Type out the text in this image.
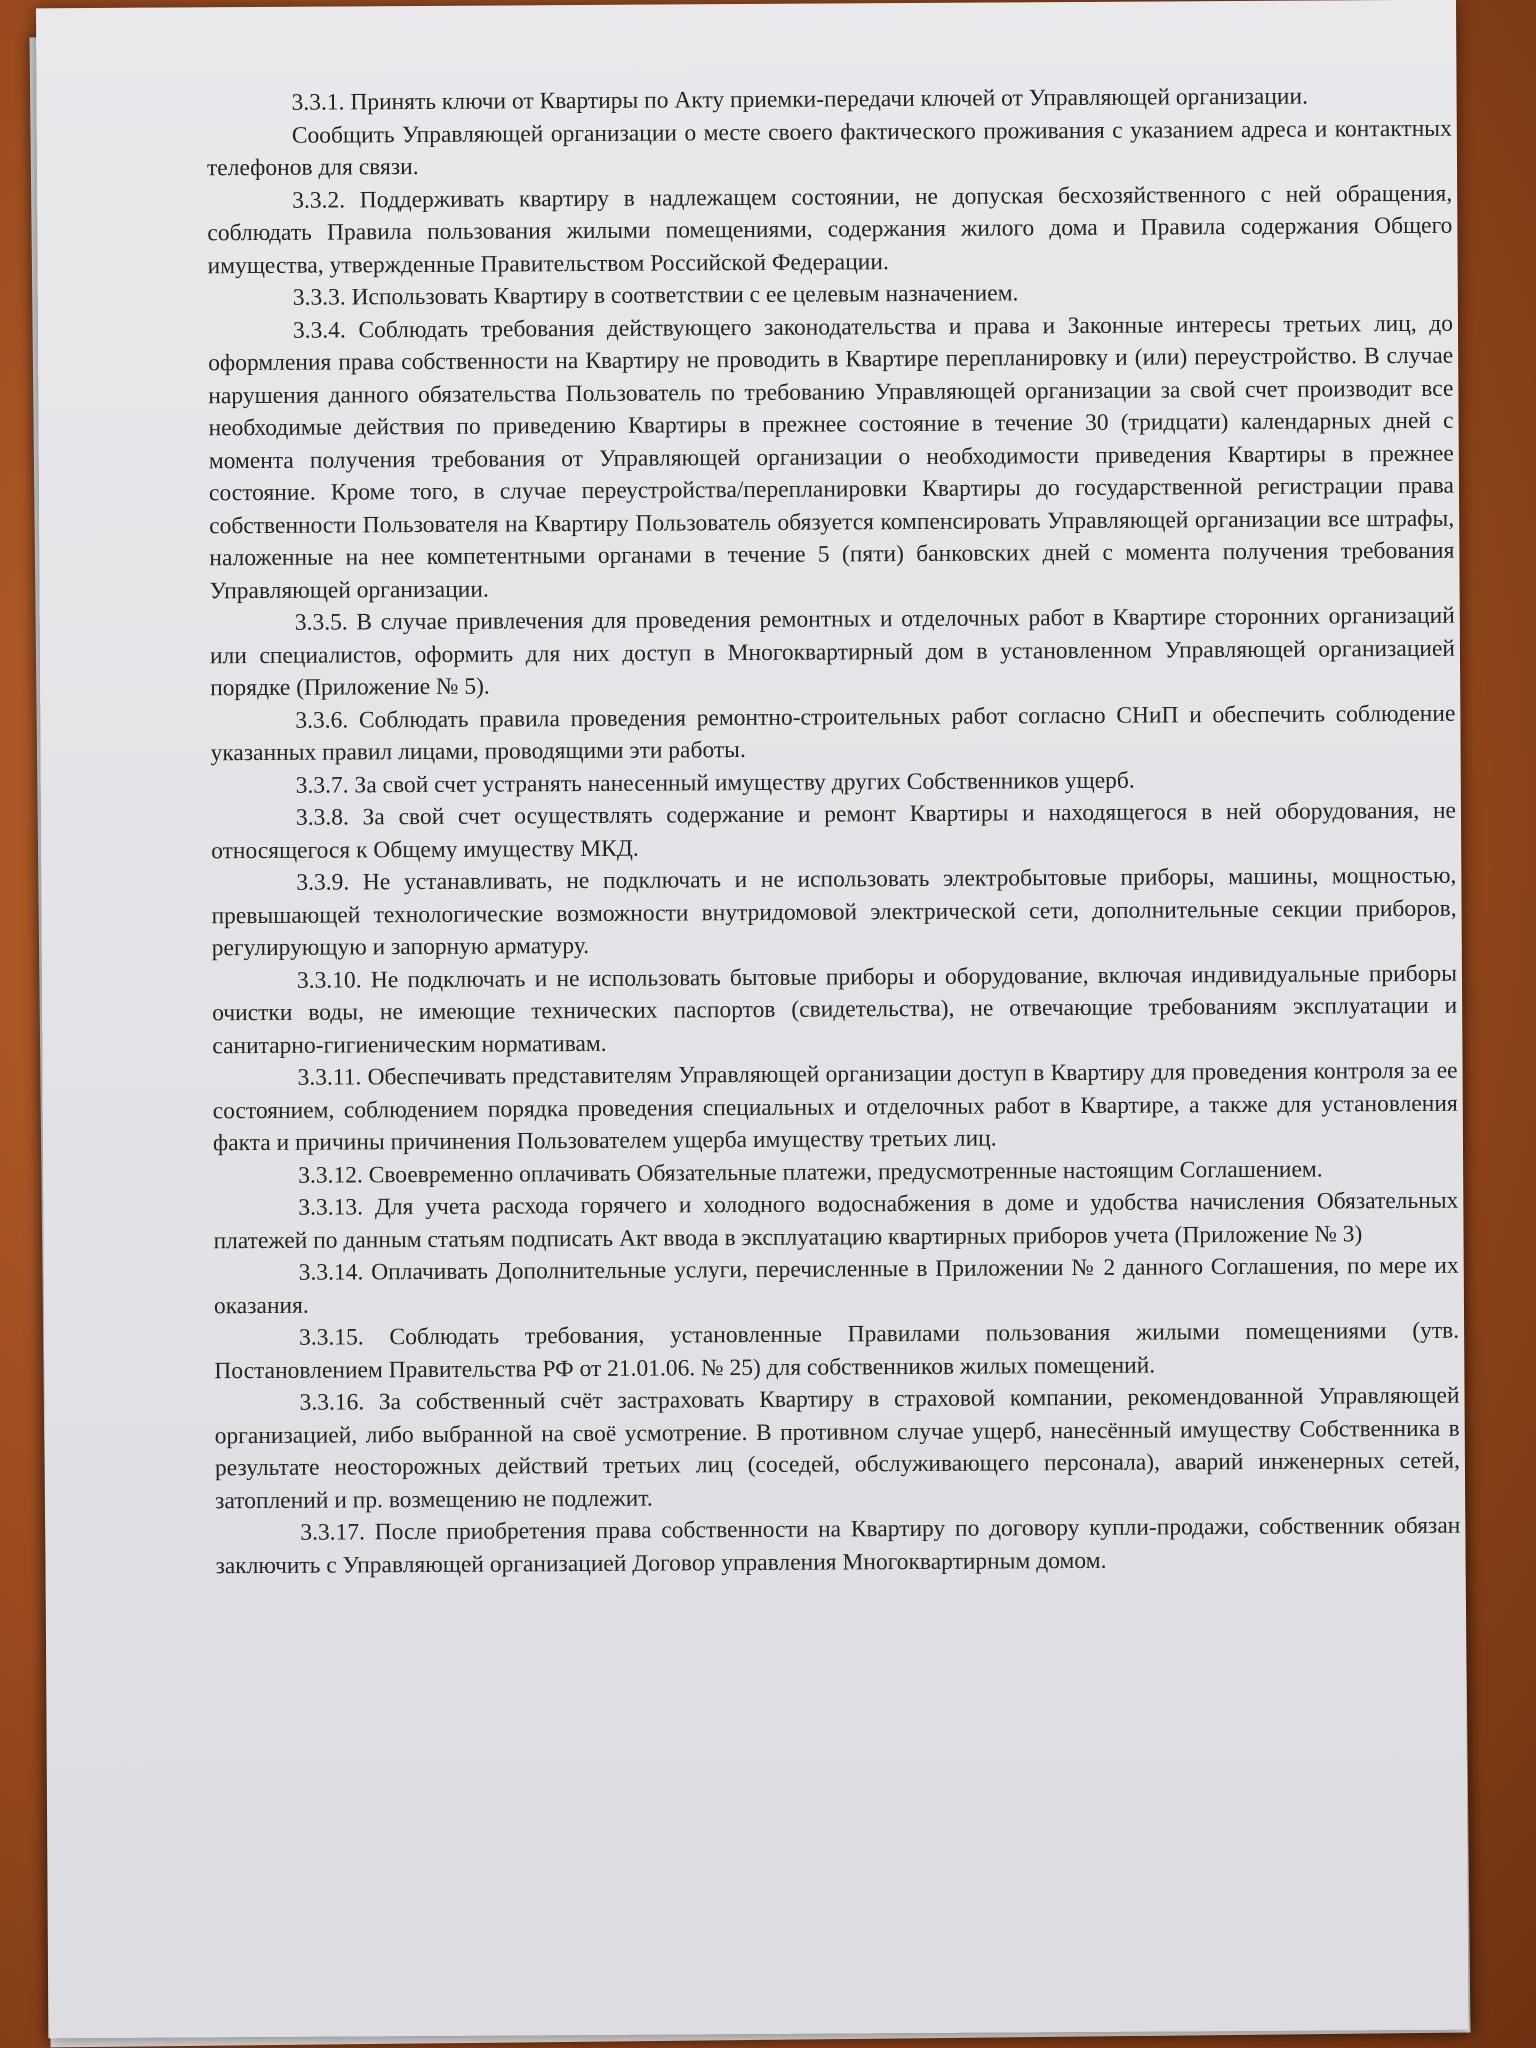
3.3.1. Принять ключи от Квартиры по Акту приемки-передачи ключей от Управляющей организации.

Сообщить Управляющей организации о месте своего фактического проживания с указанием адреса и контактных телефонов для связи.

3.3.2. Поддерживать квартиру в надлежащем состоянии, не допуская бесхозяйственного с ней обращения, соблюдать Правила пользования жилыми помещениями, содержания жилого дома и Правила содержания Общего имущества, утвержденные Правительством Российской Федерации.

3.3.3. Использовать Квартиру в соответствии с ее целевым назначением.

3.3.4. Соблюдать требования действующего законодательства и права и Законные интересы третьих лиц, до оформления права собственности на Квартиру не проводить в Квартире перепланировку и (или) переустройство. В случае нарушения данного обязательства Пользователь по требованию Управляющей организации за свой счет производит все необходимые действия по приведению Квартиры в прежнее состояние в течение 30 (тридцати) календарных дней с момента получения требования от Управляющей организации о необходимости приведения Квартиры в прежнее состояние. Кроме того, в случае переустройства/перепланировки Квартиры до государственной регистрации права собственности Пользователя на Квартиру Пользователь обязуется компенсировать Управляющей организации все штрафы, наложенные на нее компетентными органами в течение 5 (пяти) банковских дней с момента получения требования Управляющей организации.

3.3.5. В случае привлечения для проведения ремонтных и отделочных работ в Квартире сторонних организаций или специалистов, оформить для них доступ в Многоквартирный дом в установленном Управляющей организацией порядке (Приложение № 5).

3.3.6. Соблюдать правила проведения ремонтно-строительных работ согласно СНиП и обеспечить соблюдение указанных правил лицами, проводящими эти работы.

3.3.7. За свой счет устранять нанесенный имуществу других Собственников ущерб.

3.3.8. За свой счет осуществлять содержание и ремонт Квартиры и находящегося в ней оборудования, не относящегося к Общему имуществу МКД.

3.3.9. Не устанавливать, не подключать и не использовать электробытовые приборы, машины, мощностью, превышающей технологические возможности внутридомовой электрической сети, дополнительные секции приборов, регулирующую и запорную арматуру.

3.3.10. Не подключать и не использовать бытовые приборы и оборудование, включая индивидуальные приборы очистки воды, не имеющие технических паспортов (свидетельства), не отвечающие требованиям эксплуатации и санитарно-гигиеническим нормативам.

3.3.11. Обеспечивать представителям Управляющей организации доступ в Квартиру для проведения контроля за ее состоянием, соблюдением порядка проведения специальных и отделочных работ в Квартире, а также для установления факта и причины причинения Пользователем ущерба имуществу третьих лиц.

3.3.12. Своевременно оплачивать Обязательные платежи, предусмотренные настоящим Соглашением.

3.3.13. Для учета расхода горячего и холодного водоснабжения в доме и удобства начисления Обязательных платежей по данным статьям подписать Акт ввода в эксплуатацию квартирных приборов учета (Приложение № 3)

3.3.14. Оплачивать Дополнительные услуги, перечисленные в Приложении № 2 данного Соглашения, по мере их оказания.

3.3.15. Соблюдать требования, установленные Правилами пользования жилыми помещениями (утв. Постановлением Правительства РФ от 21.01.06. № 25) для собственников жилых помещений.

3.3.16. За собственный счёт застраховать Квартиру в страховой компании, рекомендованной Управляющей организацией, либо выбранной на своё усмотрение. В противном случае ущерб, нанесённый имуществу Собственника в результате неосторожных действий третьих лиц (соседей, обслуживающего персонала), аварий инженерных сетей, затоплений и пр. возмещению не подлежит.

3.3.17. После приобретения права собственности на Квартиру по договору купли-продажи, собственник обязан заключить с Управляющей организацией Договор управления Многоквартирным домом.
